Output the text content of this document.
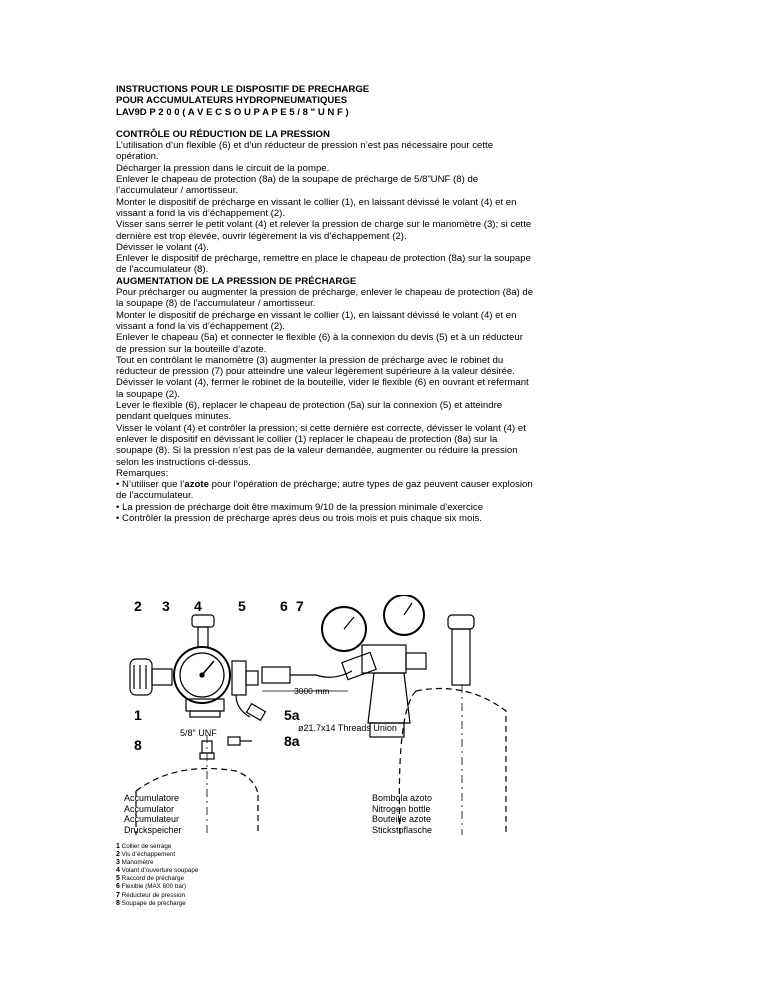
INSTRUCTIONS POUR LE DISPOSITIF DE PRECHARGE
POUR ACCUMULATEURS HYDROPNEUMATIQUES
LAV9D P 2 0 0 ( A V E C S O U P A P E 5 / 8 " U N F )
CONTRÔLE OU RÉDUCTION DE LA PRESSION

L’utilisation d’un flexible (6) et d’un réducteur de pression n’est pas nécessaire pour cette opération.

Décharger la pression dans le circuit de la pompe.

Enlever le chapeau de protection (8a) de la soupape de précharge de 5/8”UNF (8) de l’accumulateur / amortisseur.

Monter le dispositif de précharge en vissant le collier (1), en laissant dévissé le volant (4) et en vissant a fond la vis d’échappement (2).

Visser sans serrer le petit volant (4) et relever la pression de charge sur le manomètre (3); si cette dernière est trop élevée, ouvrir légèrement la vis d’échappement (2).

Dévisser le volant (4).

Enlever le dispositif de précharge, remettre en place le chapeau de protection (8a) sur la soupape de l’accumulateur (8).

AUGMENTATION DE LA PRESSION DE PRÉCHARGE

Pour précharger ou augmenter la pression de précharge, enlever le chapeau de protection (8a) de la soupape (8) de l’accumulateur / amortisseur.

Monter le dispositif de précharge en vissant le collier (1), en laissant dévissé le volant (4) et en vissant a fond la vis d’échappement (2).

Enlever le chapeau (5a) et connecter le flexible (6) à la connexion du devis (5) et à un réducteur de pression sur la bouteille d’azote.

Tout en contrôlant le manomètre (3) augmenter la pression de précharge avec le robinet du réducteur de pression (7) pour atteindre une valeur légèrement supérieure à la valeur désirée.

Dévisser le volant (4), fermer le robinet de la bouteille, vider le flexible (6) en ouvrant et refermant la soupape (2).

Lever le flexible (6), replacer le chapeau de protection (5a) sur la connexion (5) et atteindre pendant quelques minutes.

Visser le volant (4) et contrôler la pression; si cette dernière est correcte, dévisser le volant (4) et enlever le dispositif en dévissant le collier (1) replacer le chapeau de protection (8a) sur la soupape (8). Si la pression n’est pas de la valeur demandée, augmenter ou réduire la pression selon les instructions ci-dessus.

Remarques:

• N’utiliser que l’azote pour l’opération de précharge; autre types de gaz peuvent causer explosion de l’accumulateur.

• La pression de précharge doit être maximum 9/10 de la pression minimale d’exercice

• Contrôler la pression de précharge après deus ou trois mois et puis chaque six mois.

2 3 4	5 6 7
1	5a
8	8a
3000 mm
5/8" UNF	ø21.7x14 Threads Union
Accumulatore
Accumulator
Accumulateur
Druckspeicher
Bombola azoto
Nitrogen bottle
Bouteille azote
Stickstoflasche
1 Collier de serrage
2 Vis d’échappement
3 Manomètre
4 Volant d’ouverture soupape
5 Raccord de précharge
6 Flexible (MAX 600 bar)
7 Réducteur de pression
8 Soupape de precharge
